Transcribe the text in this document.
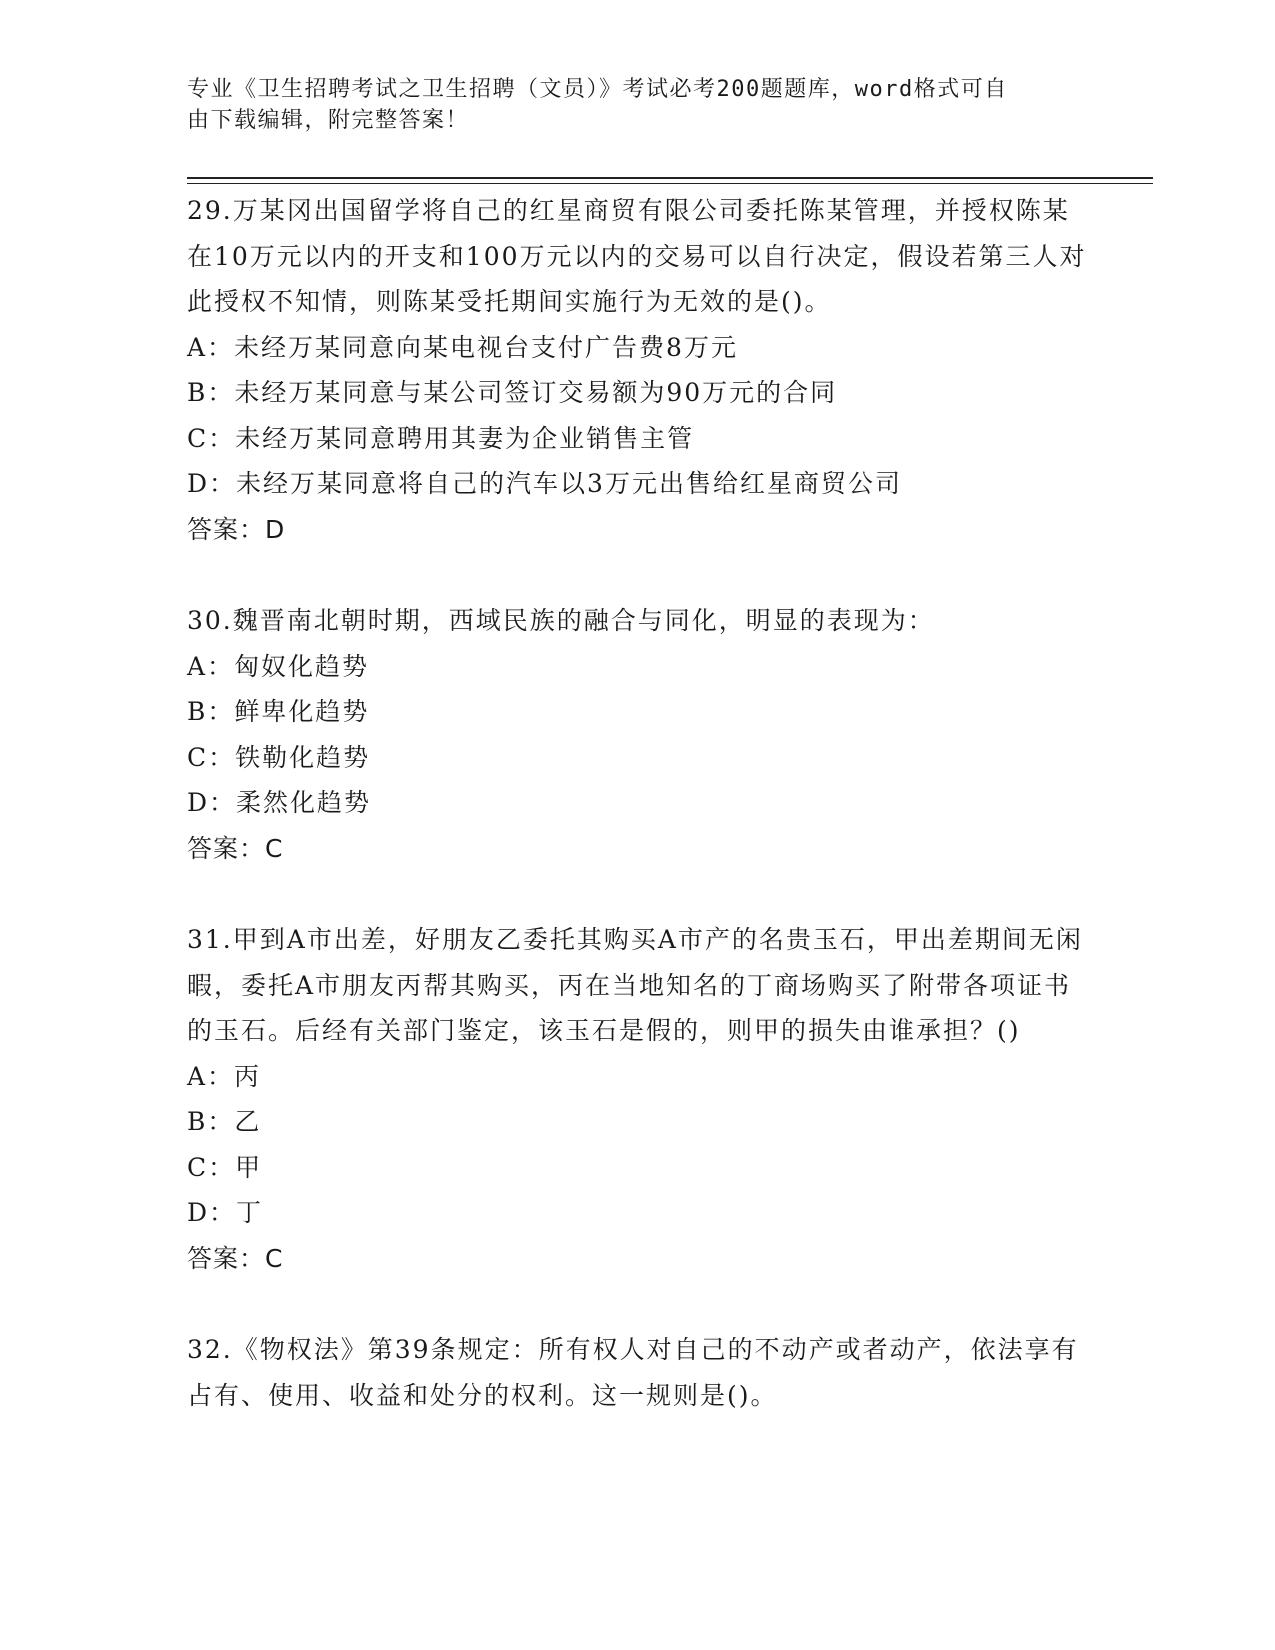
专业《卫生招聘考试之卫生招聘（文员）》考试必考200题题库，word格式可自
由下载编辑，附完整答案！

29.万某冈出国留学将自己的红星商贸有限公司委托陈某管理，并授权陈某在10万元以内的开支和100万元以内的交易可以自行决定，假设若第三人对此授权不知情，则陈某受托期间实施行为无效的是()。

A：未经万某同意向某电视台支付广告费8万元

B：未经万某同意与某公司签订交易额为90万元的合同

C：未经万某同意聘用其妻为企业销售主管

D：未经万某同意将自己的汽车以3万元出售给红星商贸公司

答案：D

30.魏晋南北朝时期，西域民族的融合与同化，明显的表现为：

A：匈奴化趋势

B：鲜卑化趋势

C：铁勒化趋势

D：柔然化趋势

答案：C

31.甲到A市出差，好朋友乙委托其购买A市产的名贵玉石，甲出差期间无闲暇，委托A市朋友丙帮其购买，丙在当地知名的丁商场购买了附带各项证书的玉石。后经有关部门鉴定，该玉石是假的，则甲的损失由谁承担？()

A：丙

B：乙

C：甲

D：丁

答案：C

32.《物权法》第39条规定：所有权人对自己的不动产或者动产，依法享有占有、使用、收益和处分的权利。这一规则是()。
